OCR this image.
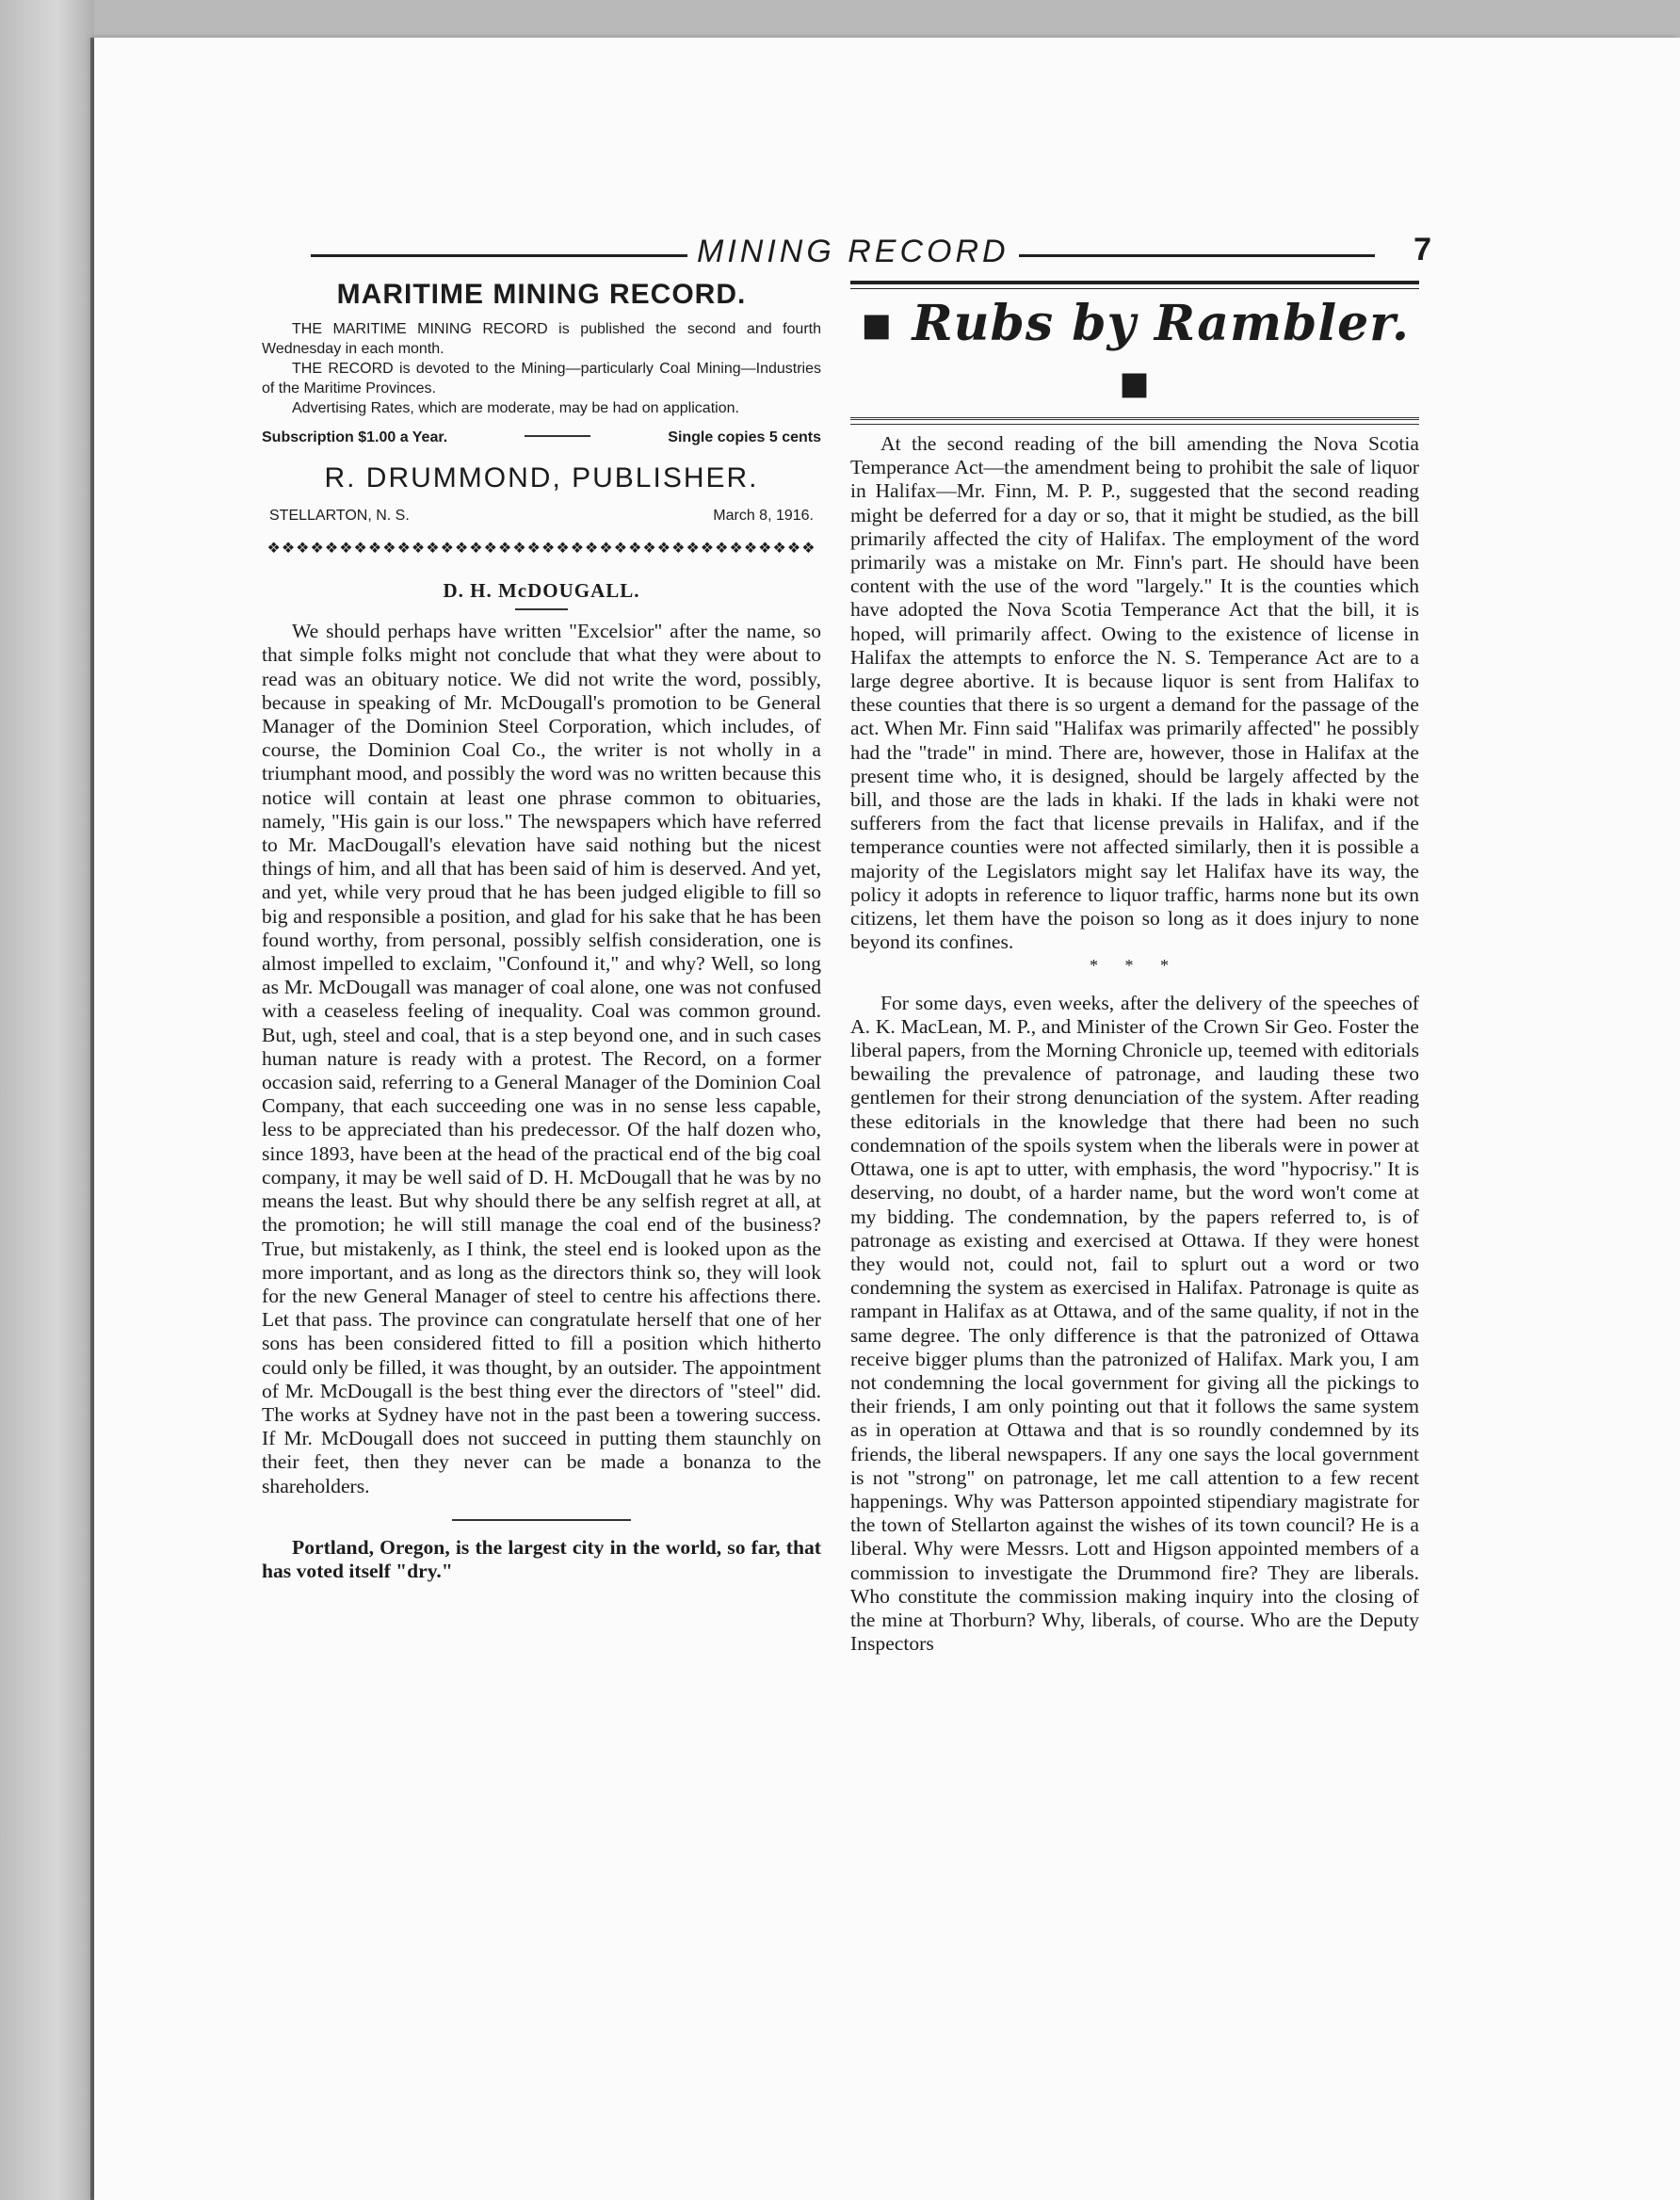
MINING RECORD	7
MARITIME MINING RECORD.

THE MARITIME MINING RECORD is published the second and fourth Wednesday in each month.

THE RECORD is devoted to the Mining—particularly Coal Mining—Industries of the Maritime Provinces.

Advertising Rates, which are moderate, may be had on application.

Subscription $1.00 a Year.	Single copies 5 cents
R. DRUMMOND, PUBLISHER.
STELLARTON, N. S.	March 8, 1916.
❖❖❖❖❖❖❖❖❖❖❖❖❖❖❖❖❖❖❖❖❖❖❖❖❖❖❖❖❖❖❖❖❖❖❖❖❖❖
D. H. McDOUGALL.

We should perhaps have written "Excelsior" after the name, so that simple folks might not conclude that what they were about to read was an obituary notice. We did not write the word, possibly, because in speaking of Mr. McDougall's promotion to be General Manager of the Dominion Steel Corporation, which includes, of course, the Dominion Coal Co., the writer is not wholly in a triumphant mood, and possibly the word was no written because this notice will contain at least one phrase common to obituaries, namely, "His gain is our loss." The newspapers which have referred to Mr. MacDougall's elevation have said nothing but the nicest things of him, and all that has been said of him is deserved. And yet, and yet, while very proud that he has been judged eligible to fill so big and responsible a position, and glad for his sake that he has been found worthy, from personal, possibly selfish consideration, one is almost impelled to exclaim, "Confound it," and why? Well, so long as Mr. McDougall was manager of coal alone, one was not confused with a ceaseless feeling of inequality. Coal was common ground. But, ugh, steel and coal, that is a step beyond one, and in such cases human nature is ready with a protest. The Record, on a former occasion said, referring to a General Manager of the Dominion Coal Company, that each succeeding one was in no sense less capable, less to be appreciated than his predecessor. Of the half dozen who, since 1893, have been at the head of the practical end of the big coal company, it may be well said of D. H. McDougall that he was by no means the least. But why should there be any selfish regret at all, at the promotion; he will still manage the coal end of the business? True, but mistakenly, as I think, the steel end is looked upon as the more important, and as long as the directors think so, they will look for the new General Manager of steel to centre his affections there. Let that pass. The province can congratulate herself that one of her sons has been considered fitted to fill a position which hitherto could only be filled, it was thought, by an outsider. The appointment of Mr. McDougall is the best thing ever the directors of "steel" did. The works at Sydney have not in the past been a towering success. If Mr. McDougall does not succeed in putting them staunchly on their feet, then they never can be made a bonanza to the shareholders.

Portland, Oregon, is the largest city in the world, so far, that has voted itself "dry."

▪ Rubs by Rambler. ▪

At the second reading of the bill amending the Nova Scotia Temperance Act—the amendment being to prohibit the sale of liquor in Halifax—Mr. Finn, M. P. P., suggested that the second reading might be deferred for a day or so, that it might be studied, as the bill primarily affected the city of Halifax. The employment of the word primarily was a mistake on Mr. Finn's part. He should have been content with the use of the word "largely." It is the counties which have adopted the Nova Scotia Temperance Act that the bill, it is hoped, will primarily affect. Owing to the existence of license in Halifax the attempts to enforce the N. S. Temperance Act are to a large degree abortive. It is because liquor is sent from Halifax to these counties that there is so urgent a demand for the passage of the act. When Mr. Finn said "Halifax was primarily affected" he possibly had the "trade" in mind. There are, however, those in Halifax at the present time who, it is designed, should be largely affected by the bill, and those are the lads in khaki. If the lads in khaki were not sufferers from the fact that license prevails in Halifax, and if the temperance counties were not affected similarly, then it is possible a majority of the Legislators might say let Halifax have its way, the policy it adopts in reference to liquor traffic, harms none but its own citizens, let them have the poison so long as it does injury to none beyond its confines.

* * *

For some days, even weeks, after the delivery of the speeches of A. K. MacLean, M. P., and Minister of the Crown Sir Geo. Foster the liberal papers, from the Morning Chronicle up, teemed with editorials bewailing the prevalence of patronage, and lauding these two gentlemen for their strong denunciation of the system. After reading these editorials in the knowledge that there had been no such condemnation of the spoils system when the liberals were in power at Ottawa, one is apt to utter, with emphasis, the word "hypocrisy." It is deserving, no doubt, of a harder name, but the word won't come at my bidding. The condemnation, by the papers referred to, is of patronage as existing and exercised at Ottawa. If they were honest they would not, could not, fail to splurt out a word or two condemning the system as exercised in Halifax. Patronage is quite as rampant in Halifax as at Ottawa, and of the same quality, if not in the same degree. The only difference is that the patronized of Ottawa receive bigger plums than the patronized of Halifax. Mark you, I am not condemning the local government for giving all the pickings to their friends, I am only pointing out that it follows the same system as in operation at Ottawa and that is so roundly condemned by its friends, the liberal newspapers. If any one says the local government is not "strong" on patronage, let me call attention to a few recent happenings. Why was Patterson appointed stipendiary magistrate for the town of Stellarton against the wishes of its town council? He is a liberal. Why were Messrs. Lott and Higson appointed members of a commission to investigate the Drummond fire? They are liberals. Who constitute the commission making inquiry into the closing of the mine at Thorburn? Why, liberals, of course. Who are the Deputy Inspectors
